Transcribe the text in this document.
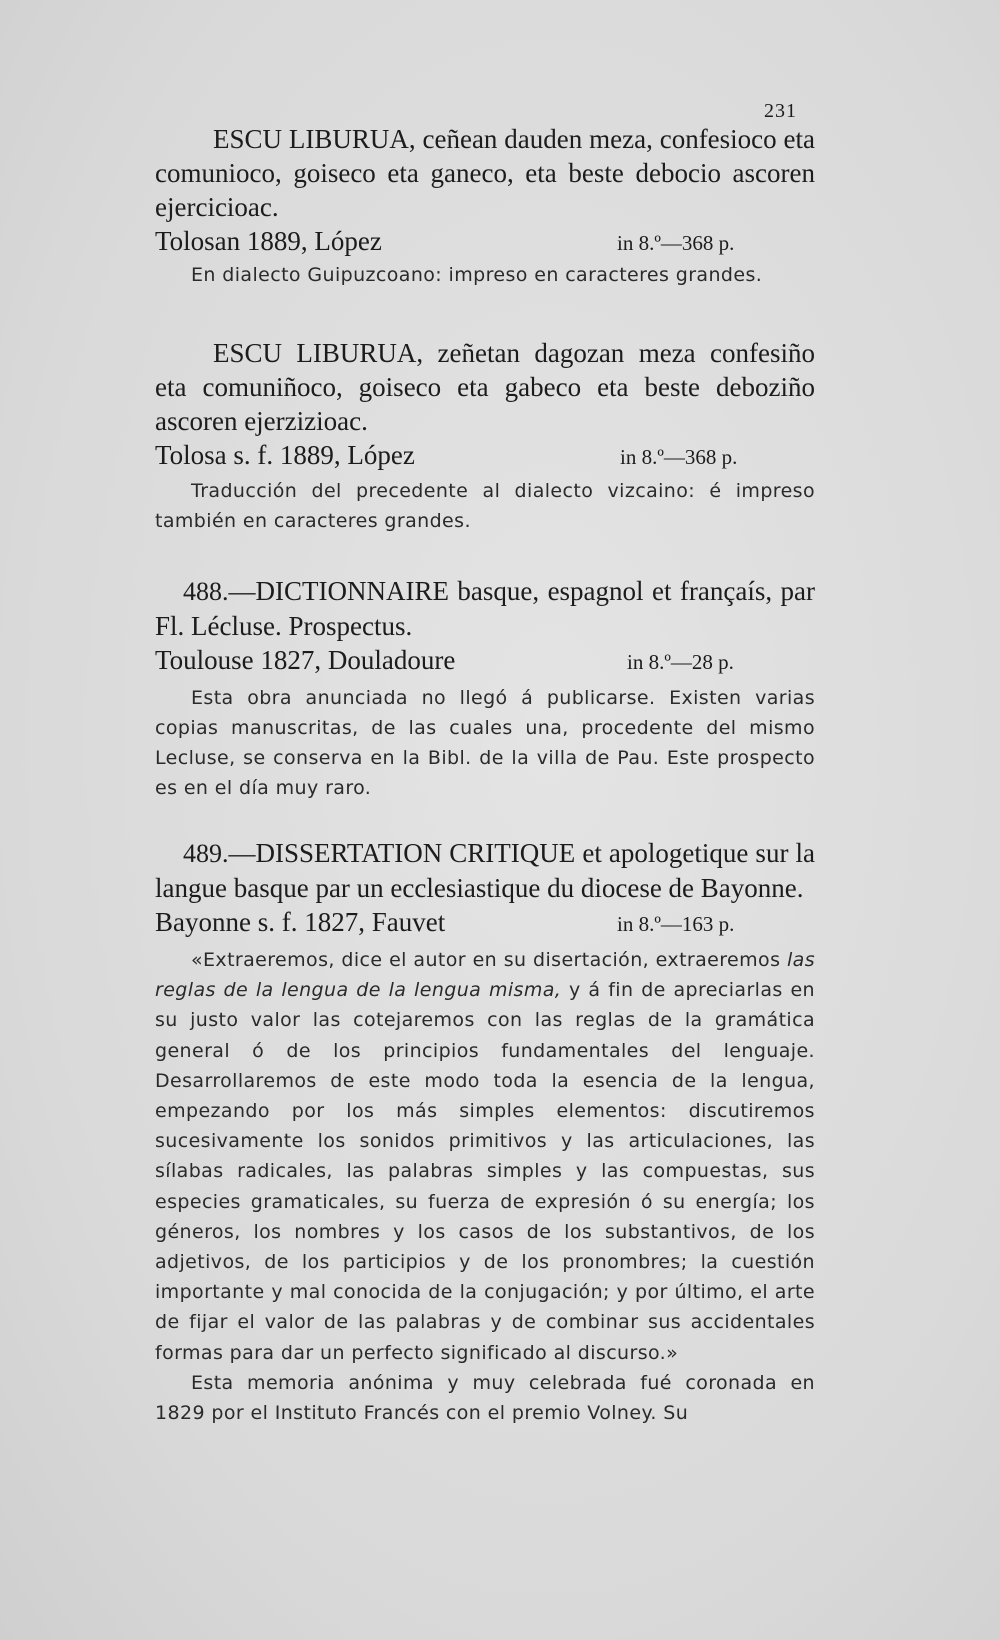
231
ESCU LIBURUA, ceñean dauden meza, confesioco eta comunioco, goiseco eta ganeco, eta beste debocio ascoren ejercicioac.
Tolosan 1889, López	in 8.º—368 p.
En dialecto Guipuzcoano: impreso en caracteres grandes.
ESCU LIBURUA, zeñetan dagozan meza confesiño eta comuniñoco, goiseco eta gabeco eta beste deboziño ascoren ejerzizioac.
Tolosa s. f. 1889, López	in 8.º—368 p.
Traducción del precedente al dialecto vizcaino: é impreso también en caracteres grandes.
488.—DICTIONNAIRE basque, espagnol et françaís, par Fl. Lécluse. Prospectus.
Toulouse 1827, Douladoure	in 8.º—28 p.
Esta obra anunciada no llegó á publicarse. Existen varias copias manuscritas, de las cuales una, procedente del mismo Lecluse, se conserva en la Bibl. de la villa de Pau. Este prospecto es en el día muy raro.
489.—DISSERTATION CRITIQUE et apologetique sur la langue basque par un ecclesiastique du diocese de Bayonne.
Bayonne s. f. 1827, Fauvet	in 8.º—163 p.

«Extraeremos, dice el autor en su disertación, extraeremos las reglas de la lengua de la lengua misma, y á fin de apreciarlas en su justo valor las cotejaremos con las reglas de la gramática general ó de los principios fundamentales del lenguaje. Desarrollaremos de este modo toda la esencia de la lengua, empezando por los más simples elementos: discutiremos sucesivamente los sonidos primitivos y las articulaciones, las sílabas radicales, las palabras simples y las compuestas, sus especies gramaticales, su fuerza de expresión ó su energía; los géneros, los nombres y los casos de los substantivos, de los adjetivos, de los participios y de los pronombres; la cuestión importante y mal conocida de la conjugación; y por último, el arte de fijar el valor de las palabras y de combinar sus accidentales formas para dar un perfecto significado al discurso.»

Esta memoria anónima y muy celebrada fué coronada en 1829 por el Instituto Francés con el premio Volney. Su
